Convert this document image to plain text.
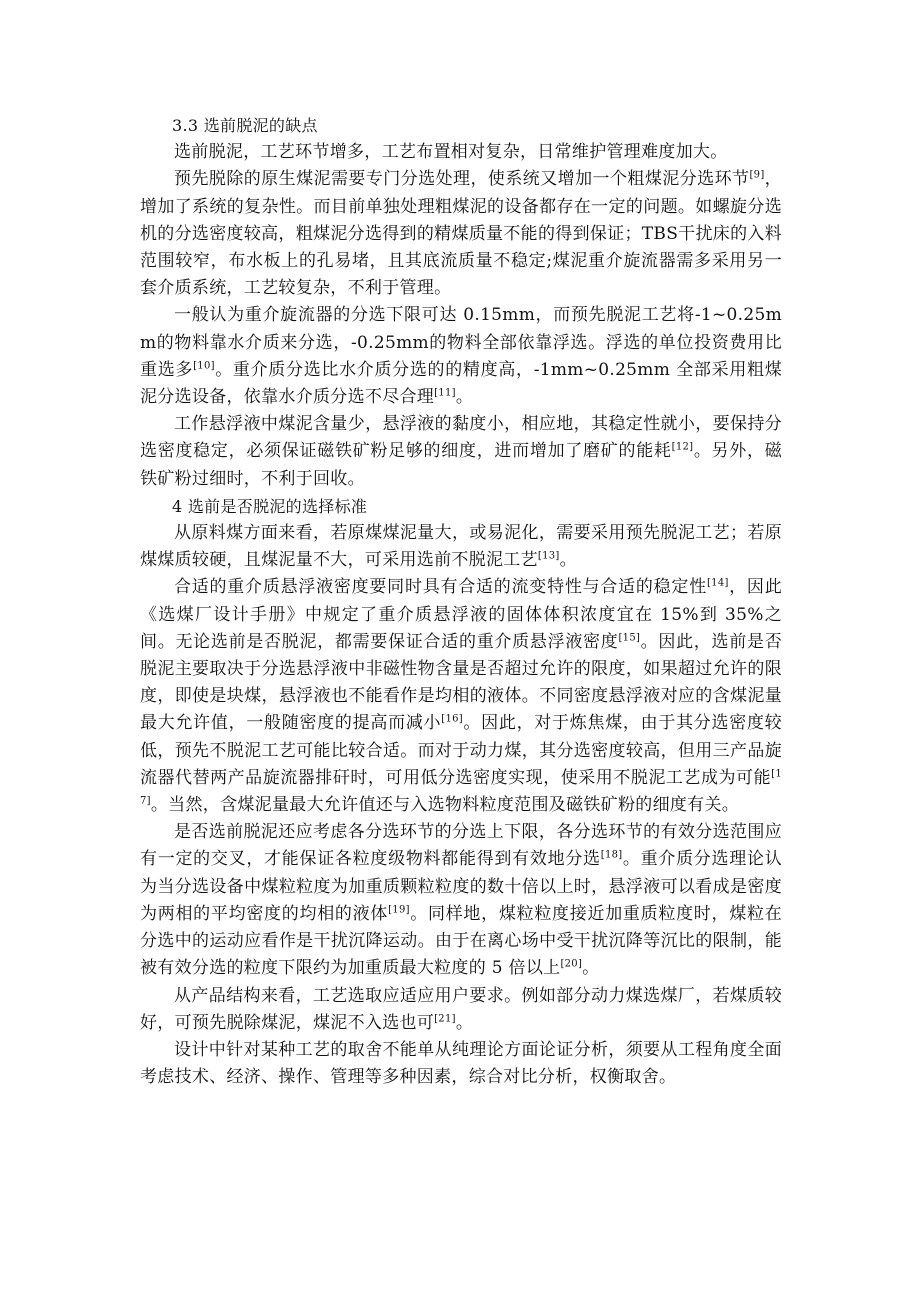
3.3 选前脱泥的缺点

选前脱泥，工艺环节增多，工艺布置相对复杂，日常维护管理难度加大。

预先脱除的原生煤泥需要专门分选处理，使系统又增加一个粗煤泥分选环节[9]，增加了系统的复杂性。而目前单独处理粗煤泥的设备都存在一定的问题。如螺旋分选机的分选密度较高，粗煤泥分选得到的精煤质量不能的得到保证；TBS干扰床的入料范围较窄，布水板上的孔易堵，且其底流质量不稳定;煤泥重介旋流器需多采用另一套介质系统，工艺较复杂，不利于管理。

一般认为重介旋流器的分选下限可达 0.15mm，而预先脱泥工艺将-1~0.25mm的物料靠水介质来分选，-0.25mm的物料全部依靠浮选。浮选的单位投资费用比重选多[10]。重介质分选比水介质分选的的精度高，-1mm~0.25mm 全部采用粗煤泥分选设备，依靠水介质分选不尽合理[11]。

工作悬浮液中煤泥含量少，悬浮液的黏度小，相应地，其稳定性就小，要保持分选密度稳定，必须保证磁铁矿粉足够的细度，进而增加了磨矿的能耗[12]。另外，磁铁矿粉过细时，不利于回收。

4 选前是否脱泥的选择标准

从原料煤方面来看，若原煤煤泥量大，或易泥化，需要采用预先脱泥工艺；若原煤煤质较硬，且煤泥量不大，可采用选前不脱泥工艺[13]。

合适的重介质悬浮液密度要同时具有合适的流变特性与合适的稳定性[14]，因此《选煤厂设计手册》中规定了重介质悬浮液的固体体积浓度宜在 15%到 35%之间。无论选前是否脱泥，都需要保证合适的重介质悬浮液密度[15]。因此，选前是否脱泥主要取决于分选悬浮液中非磁性物含量是否超过允许的限度，如果超过允许的限度，即使是块煤，悬浮液也不能看作是均相的液体。不同密度悬浮液对应的含煤泥量最大允许值，一般随密度的提高而减小[16]。因此，对于炼焦煤，由于其分选密度较低，预先不脱泥工艺可能比较合适。而对于动力煤，其分选密度较高，但用三产品旋流器代替两产品旋流器排矸时，可用低分选密度实现，使采用不脱泥工艺成为可能[17]。当然，含煤泥量最大允许值还与入选物料粒度范围及磁铁矿粉的细度有关。

是否选前脱泥还应考虑各分选环节的分选上下限，各分选环节的有效分选范围应有一定的交叉，才能保证各粒度级物料都能得到有效地分选[18]。重介质分选理论认为当分选设备中煤粒粒度为加重质颗粒粒度的数十倍以上时，悬浮液可以看成是密度为两相的平均密度的均相的液体[19]。同样地，煤粒粒度接近加重质粒度时，煤粒在分选中的运动应看作是干扰沉降运动。由于在离心场中受干扰沉降等沉比的限制，能被有效分选的粒度下限约为加重质最大粒度的 5 倍以上[20]。

从产品结构来看，工艺选取应适应用户要求。例如部分动力煤选煤厂，若煤质较好，可预先脱除煤泥，煤泥不入选也可[21]。

设计中针对某种工艺的取舍不能单从纯理论方面论证分析，须要从工程角度全面考虑技术、经济、操作、管理等多种因素，综合对比分析，权衡取舍。
